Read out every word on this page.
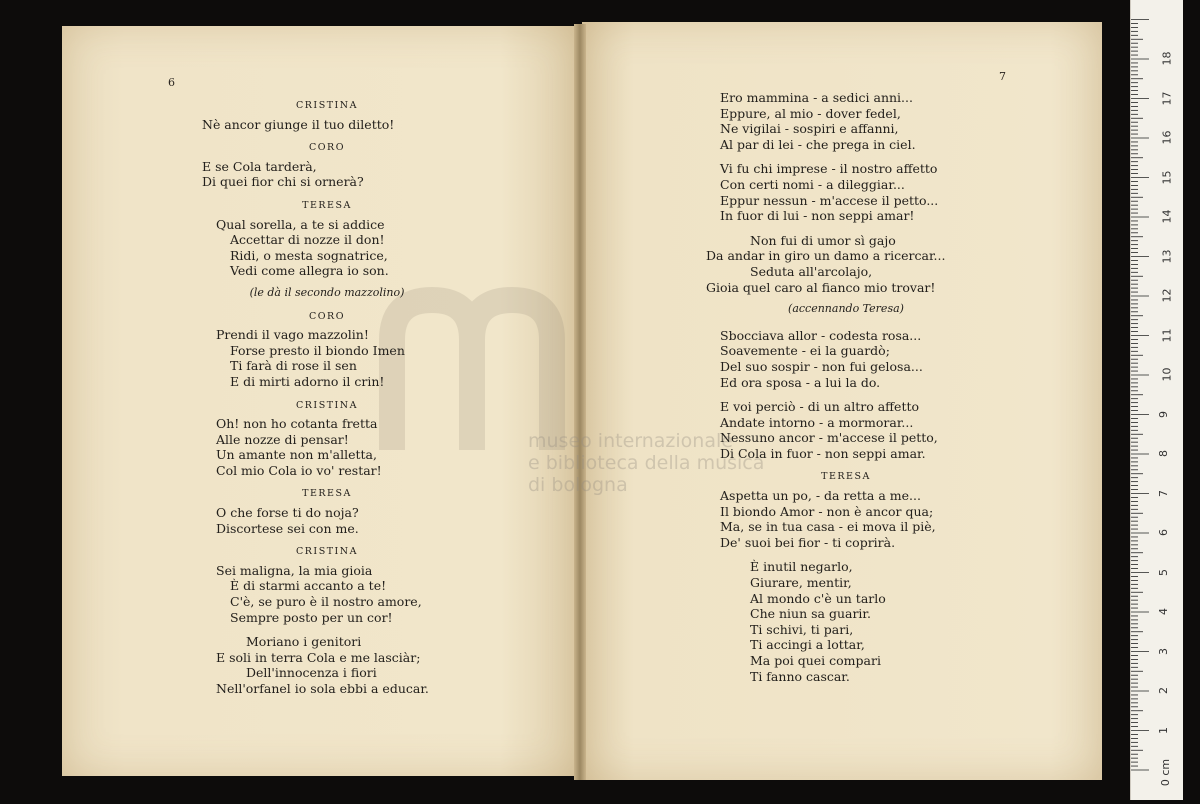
museo internazionale
e biblioteca della musica
di bologna
6	7
CRISTINA
Nè ancor giunge il tuo diletto!
CORO
E se Cola tarderà,
Di quei fior chi si ornerà?
TERESA
Qual sorella, a te si addice
Accettar di nozze il don!
Ridi, o mesta sognatrice,
Vedi come allegra io son.
(le dà il secondo mazzolino)
CORO
Prendi il vago mazzolin!
Forse presto il biondo Imen
Ti farà di rose il sen
E di mirti adorno il crin!
CRISTINA
Oh! non ho cotanta fretta
Alle nozze di pensar!
Un amante non m'alletta,
Col mio Cola io vo' restar!
TERESA
O che forse ti do noja?
Discortese sei con me.
CRISTINA
Sei maligna, la mia gioia
È di starmi accanto a te!
C'è, se puro è il nostro amore,
Sempre posto per un cor!
Moriano i genitori
E soli in terra Cola e me lasciàr;
Dell'innocenza i fiori
Nell'orfanel io sola ebbi a educar.
Ero mammina - a sedici anni...
Eppure, al mio - dover fedel,
Ne vigilai - sospiri e affanni,
Al par di lei - che prega in ciel.
Vi fu chi imprese - il nostro affetto
Con certi nomi - a dileggiar...
Eppur nessun - m'accese il petto...
In fuor di lui - non seppi amar!
Non fui di umor sì gajo
Da andar in giro un damo a ricercar...
Seduta all'arcolajo,
Gioia quel caro al fianco mio trovar!
(accennando Teresa)
Sbocciava allor - codesta rosa...
Soavemente - ei la guardò;
Del suo sospir - non fui gelosa...
Ed ora sposa - a lui la do.
E voi perciò - di un altro affetto
Andate intorno - a mormorar...
Nessuno ancor - m'accese il petto,
Di Cola in fuor - non seppi amar.
TERESA
Aspetta un po, - da retta a me...
Il biondo Amor - non è ancor qua;
Ma, se in tua casa - ei mova il piè,
De' suoi bei fior - ti coprirà.
È inutil negarlo,
Giurare, mentir,
Al mondo c'è un tarlo
Che niun sa guarir.
Ti schivi, ti pari,
Ti accingi a lottar,
Ma poi quei compari
Ti fanno cascar.
0 cm
1
2
3
4
5
6
7
8
9
10
11
12
13
14
15
16
17
18
